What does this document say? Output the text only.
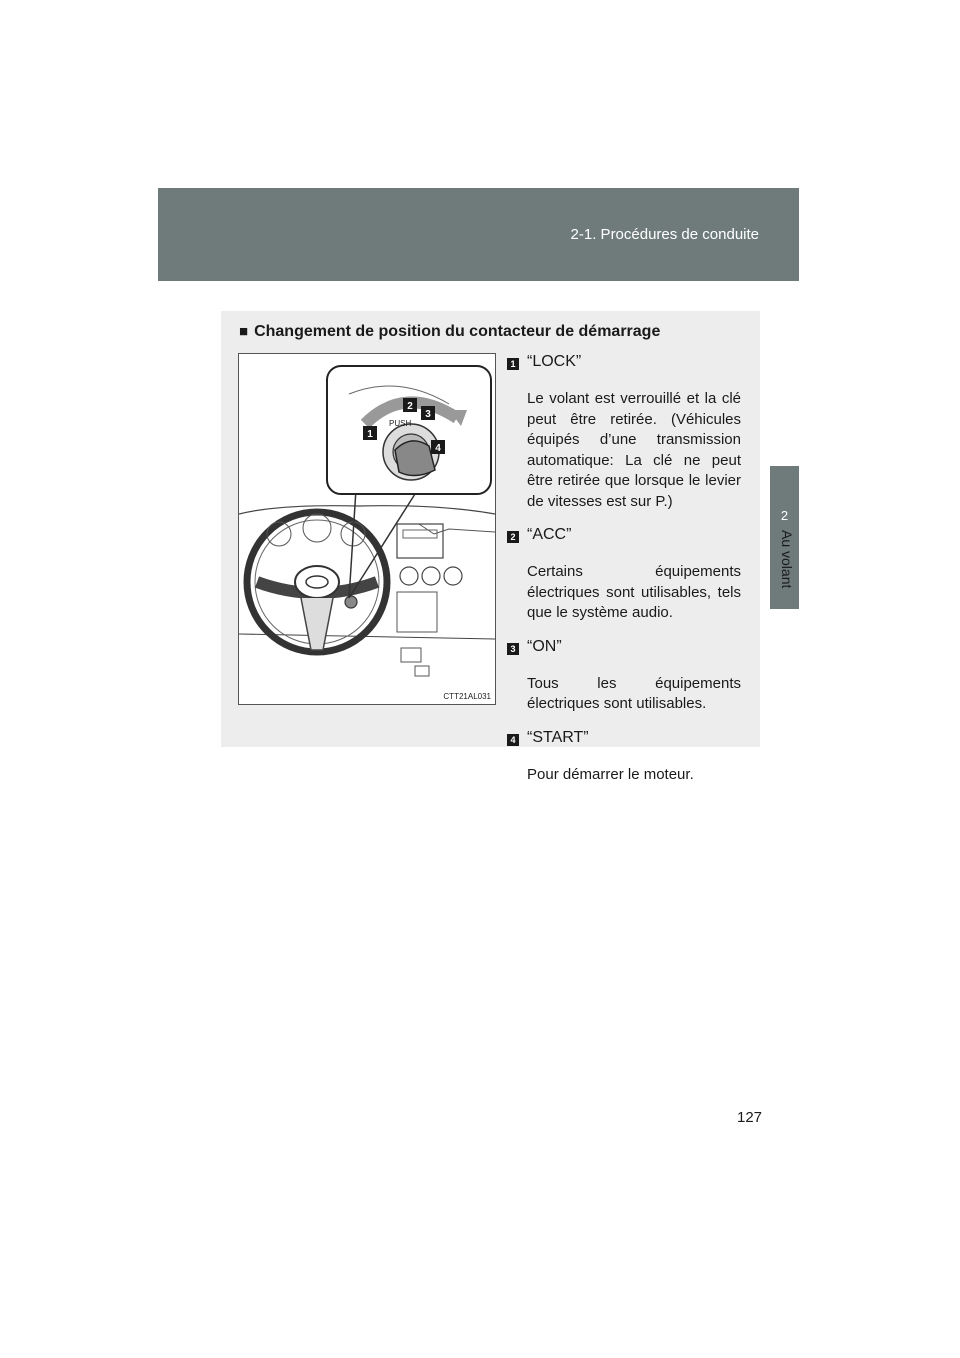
2-1. Procédures de conduite
2
Au volant
■ Changement de position du contacteur de démarrage
PUSH
1
2
3
4
CTT21AL031
1 “LOCK”
Le volant est verrouillé et la clé peut être retirée. (Véhicules équipés d’une transmission automatique: La clé ne peut être retirée que lorsque le levier de vitesses est sur P.)
2 “ACC”
Certains équipements électriques sont utilisables, tels que le système audio.
3 “ON”
Tous les équipements électriques sont utilisables.
4 “START”
Pour démarrer le moteur.
127
